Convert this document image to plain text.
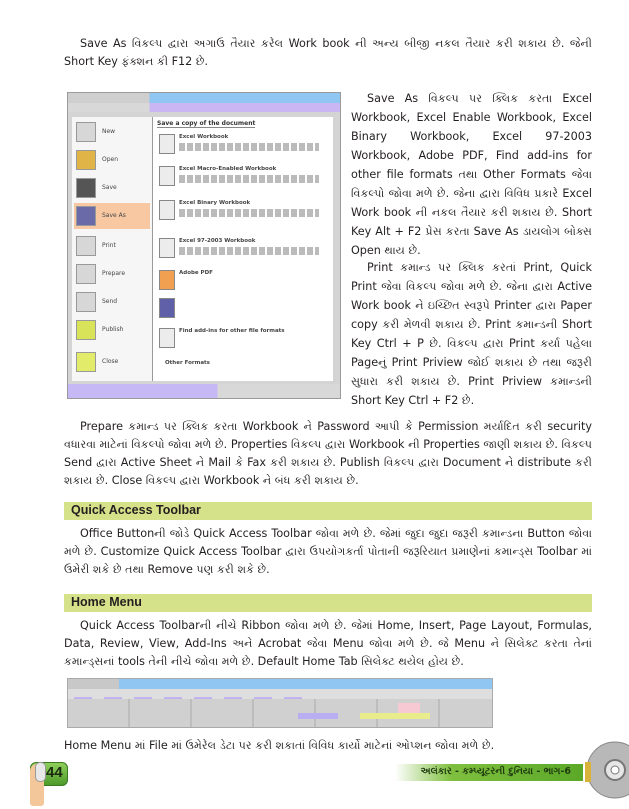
Save As વિકલ્પ દ્વારા અગાઉ તૈયાર કરેલ Work book ની અન્ય બીજી નકલ તૈયાર કરી શકાય છે. જેની Short Key ફંક્શન કી F12 છે.
New
Open
Save
Save As
Print
Prepare
Send
Publish
Close
Save a copy of the document
Excel Workbook
Excel Macro-Enabled Workbook
Excel Binary Workbook
Excel 97-2003 Workbook
Adobe PDF
Find add-ins for other file formats
Other Formats
Save As વિકલ્પ પર ક્લિક કરતા Excel Workbook, Excel Enable Workbook, Excel Binary Workbook, Excel 97-2003 Workbook, Adobe PDF, Find add-ins for other file formats તથા Other Formats જેવા વિકલ્પો જોવા મળે છે. જેના દ્વારા વિવિધ પ્રકારે Excel Work book ની નકલ તૈયાર કરી શકાય છે. Short Key Alt + F2 પ્રેસ કરતા Save As ડાયલોગ બોક્સ Open થાય છે.
Print કમાન્ડ પર ક્લિક કરતાં Print, Quick Print જેવા વિકલ્પ જોવા મળે છે. જેના દ્વારા Active Work book ને ઇચ્છિત સ્વરૂપે Printer દ્વારા Paper copy કરી મેળવી શકાય છે. Print કમાન્ડની Short Key Ctrl + P છે. વિકલ્પ દ્વારા Print કર્યા પહેલા Pageનું Print Priview જોઈ શકાય છે તથા જરૂરી સુધારા કરી શકાય છે. Print Priview કમાન્ડની Short Key Ctrl + F2 છે.
Prepare કમાન્ડ પર ક્લિક કરતા Workbook ને Password આપી કે Permission મર્યાદિત કરી security વધારવા માટેનાં વિકલ્પો જોવા મળે છે. Properties વિકલ્પ દ્વારા Workbook ની Properties જાણી શકાય છે. વિકલ્પ Send દ્વારા Active Sheet ને Mail કે Fax કરી શકાય છે. Publish વિકલ્પ દ્વારા Document ને distribute કરી શકાય છે. Close વિકલ્પ દ્વારા Workbook ને બંધ કરી શકાય છે.
Quick Access Toolbar
Office Buttonની જોડે Quick Access Toolbar જોવા મળે છે. જેમાં જુદા જુદા જરૂરી કમાન્ડના Button જોવા મળે છે. Customize Quick Access Toolbar દ્વારા ઉપયોગકર્તા પોતાની જરૂરિયાત પ્રમાણેનાં કમાન્ડ્સ Toolbar માં ઉમેરી શકે છે તથા Remove પણ કરી શકે છે.
Home Menu
Quick Access Toolbarની નીચે Ribbon જોવા મળે છે. જેમાં Home, Insert, Page Layout, Formulas, Data, Review, View, Add-Ins અને Acrobat જેવા Menu જોવા મળે છે. જે Menu ને સિલેક્ટ કરતા તેનાં કમાન્ડ્સનાં tools તેની નીચે જોવા મળે છે. Default Home Tab સિલેક્ટ થયેલ હોય છે.
Home Menu માં File માં ઉમેરેલ ડેટા પર કરી શકાતાં વિવિધ કાર્યો માટેનાં ઓપ્શન જોવા મળે છે.
44	અલંકાર - કમ્પ્યૂટરની દુનિયા - ભાગ-6
